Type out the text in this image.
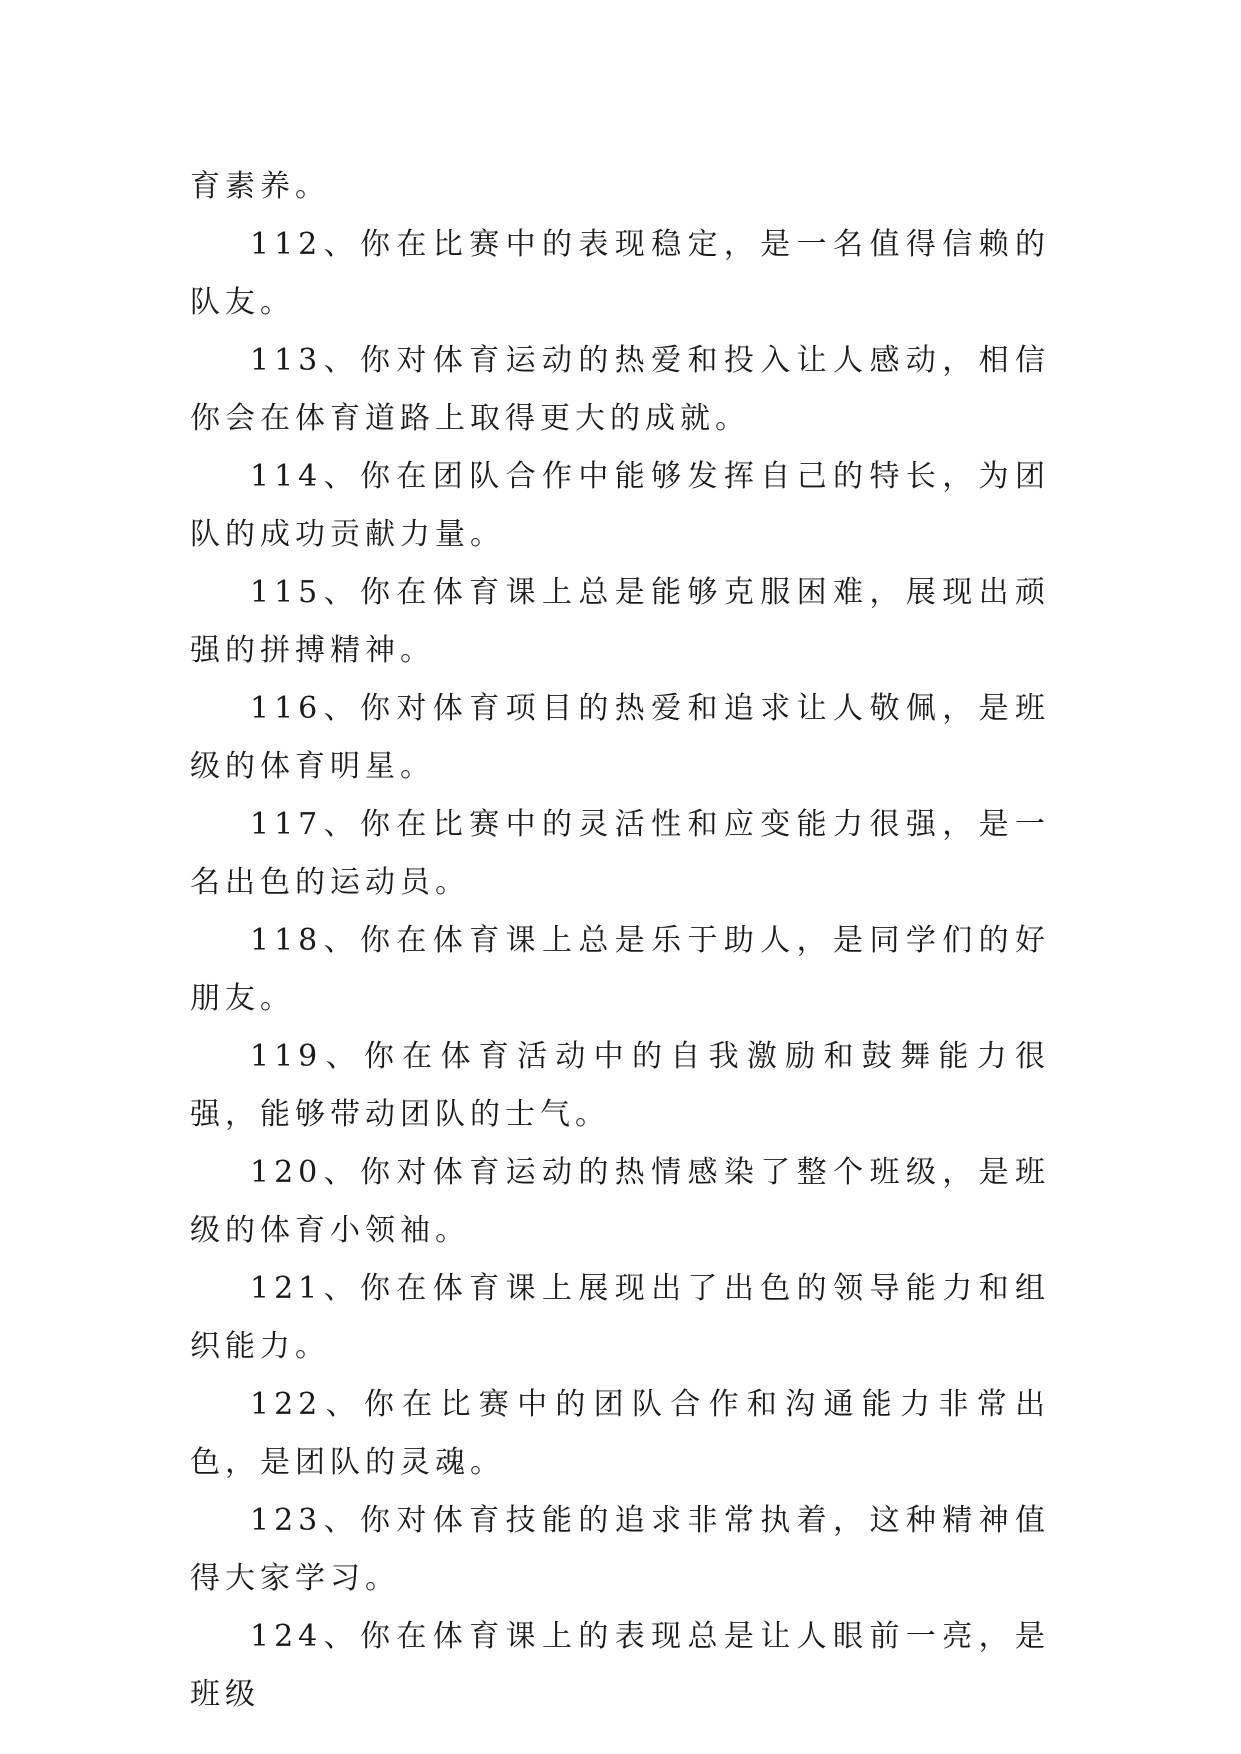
育素养。

112、你在比赛中的表现稳定，是一名值得信赖的队友。

113、你对体育运动的热爱和投入让人感动，相信你会在体育道路上取得更大的成就。

114、你在团队合作中能够发挥自己的特长，为团队的成功贡献力量。

115、你在体育课上总是能够克服困难，展现出顽强的拼搏精神。

116、你对体育项目的热爱和追求让人敬佩，是班级的体育明星。

117、你在比赛中的灵活性和应变能力很强，是一名出色的运动员。

118、你在体育课上总是乐于助人，是同学们的好朋友。

119、你在体育活动中的自我激励和鼓舞能力很强，能够带动团队的士气。

120、你对体育运动的热情感染了整个班级，是班级的体育小领袖。

121、你在体育课上展现出了出色的领导能力和组织能力。

122、你在比赛中的团队合作和沟通能力非常出色，是团队的灵魂。

123、你对体育技能的追求非常执着，这种精神值得大家学习。

124、你在体育课上的表现总是让人眼前一亮，是班级
